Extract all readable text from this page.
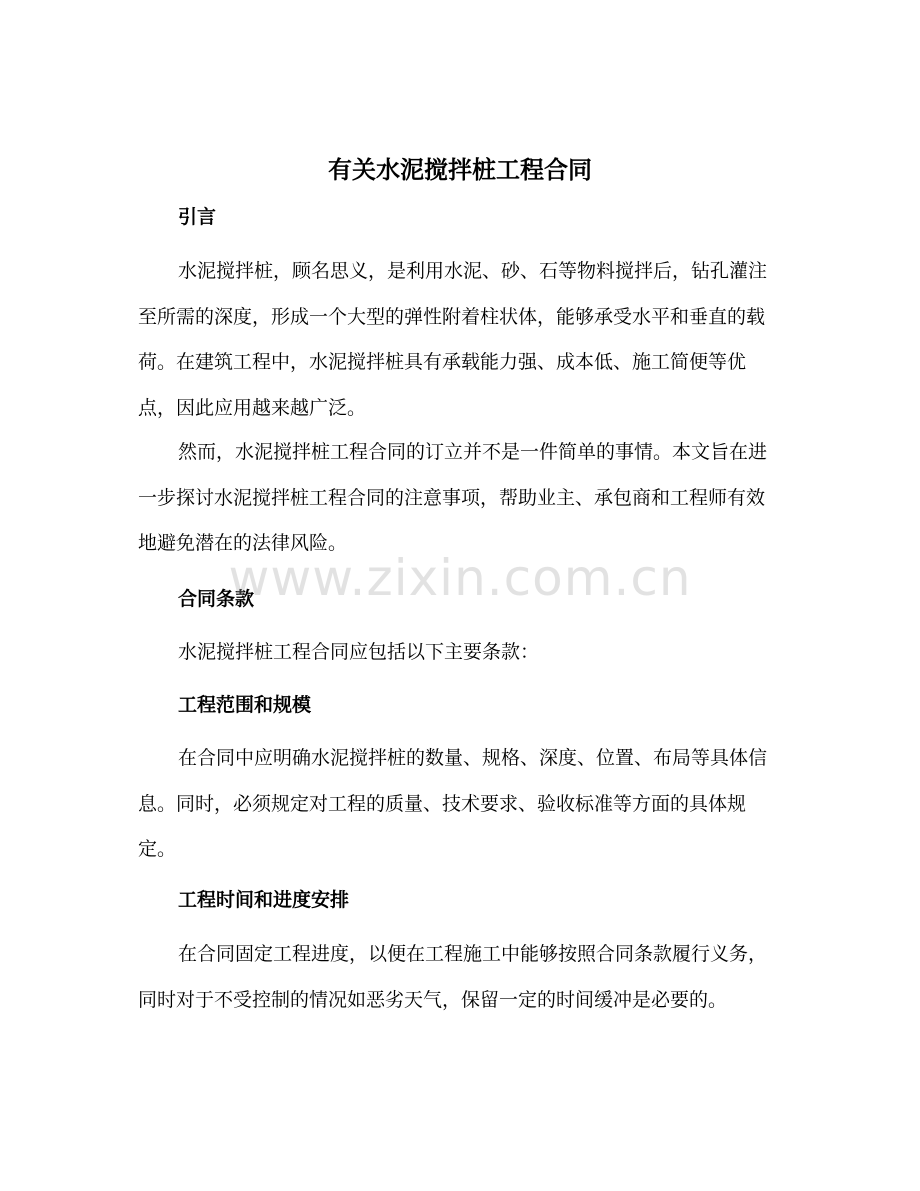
有关水泥搅拌桩工程合同
引言

水泥搅拌桩，顾名思义，是利用水泥、砂、石等物料搅拌后，钻孔灌注至所需的深度，形成一个大型的弹性附着柱状体，能够承受水平和垂直的载荷。在建筑工程中，水泥搅拌桩具有承载能力强、成本低、施工简便等优点，因此应用越来越广泛。

然而，水泥搅拌桩工程合同的订立并不是一件简单的事情。本文旨在进一步探讨水泥搅拌桩工程合同的注意事项，帮助业主、承包商和工程师有效地避免潜在的法律风险。

合同条款
水泥搅拌桩工程合同应包括以下主要条款：
工程范围和规模

在合同中应明确水泥搅拌桩的数量、规格、深度、位置、布局等具体信息。同时，必须规定对工程的质量、技术要求、验收标准等方面的具体规定。

工程时间和进度安排

在合同固定工程进度，以便在工程施工中能够按照合同条款履行义务，同时对于不受控制的情况如恶劣天气，保留一定的时间缓冲是必要的。

www.zixin.com.cn
